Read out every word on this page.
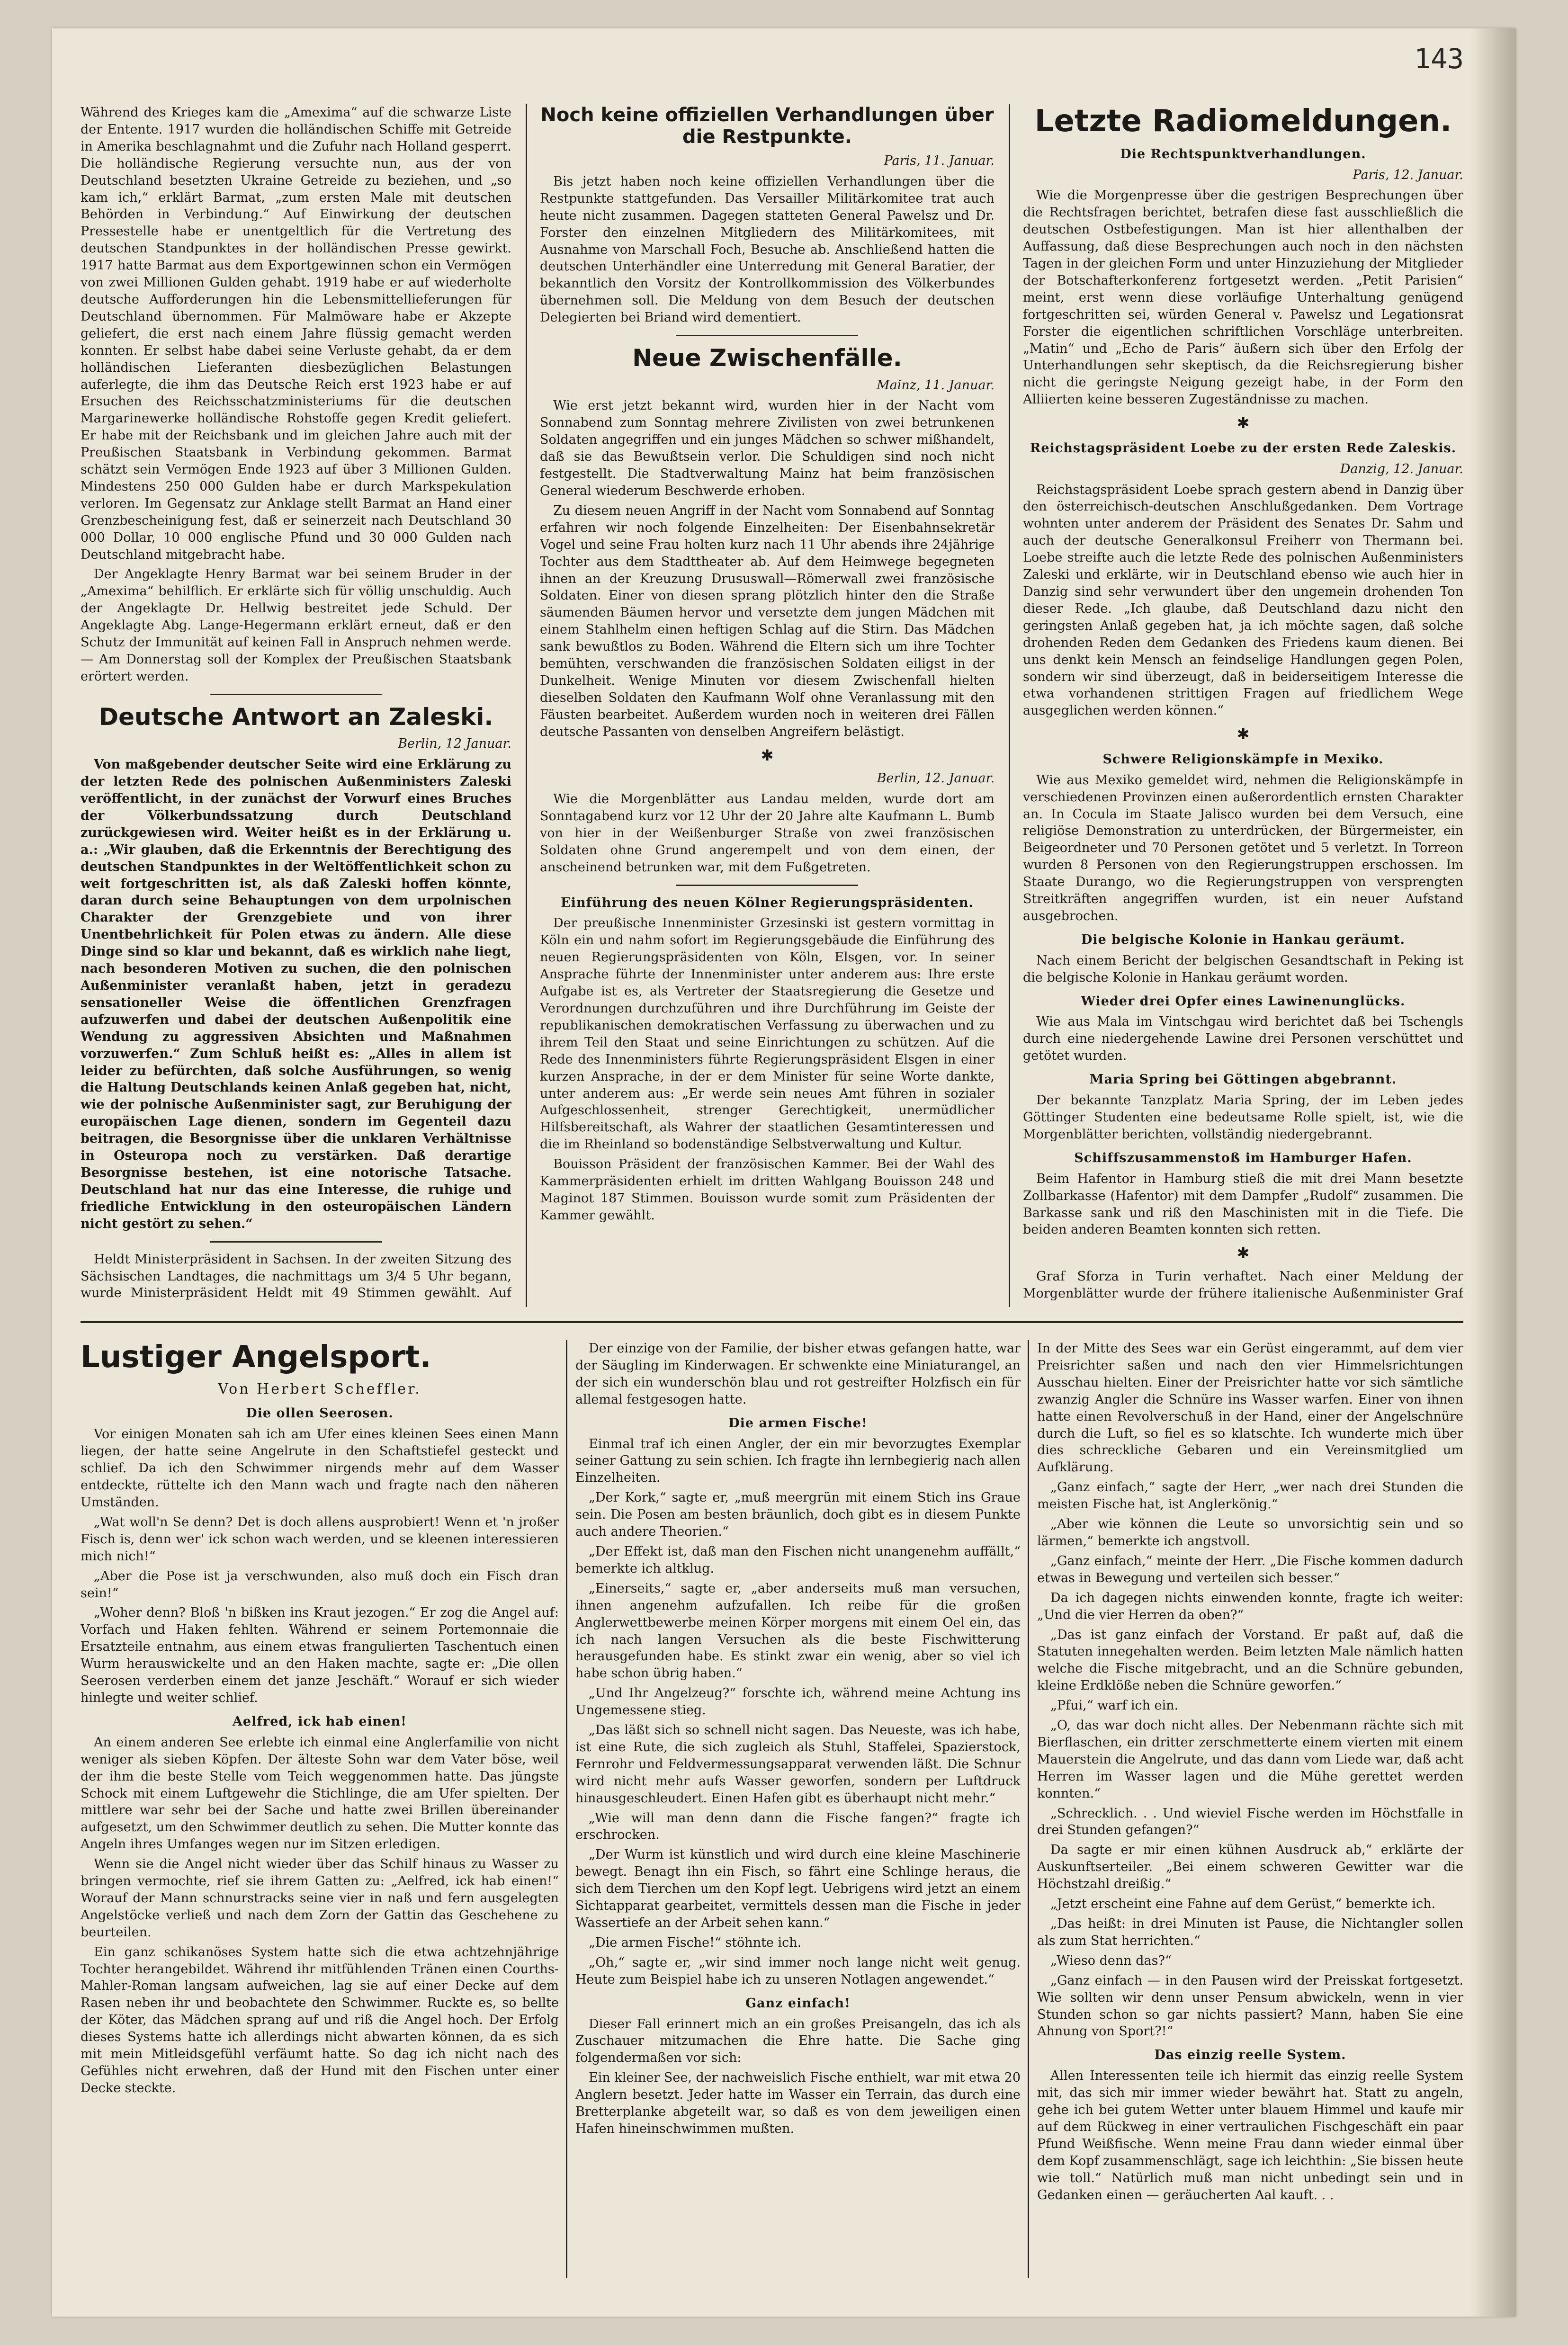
143

Während des Krieges kam die „Amexima“ auf die schwarze Liste der Entente. 1917 wurden die holländischen Schiffe mit Getreide in Amerika beschlagnahmt und die Zufuhr nach Holland gesperrt. Die holländische Regierung versuchte nun, aus der von Deutschland besetzten Ukraine Getreide zu beziehen, und „so kam ich,“ erklärt Barmat, „zum ersten Male mit deutschen Behörden in Verbindung.“ Auf Einwirkung der deutschen Pressestelle habe er unentgeltlich für die Vertretung des deutschen Standpunktes in der holländischen Presse gewirkt. 1917 hatte Barmat aus dem Exportgewinnen schon ein Vermögen von zwei Millionen Gulden gehabt. 1919 habe er auf wiederholte deutsche Aufforderungen hin die Lebensmittellieferungen für Deutschland übernommen. Für Malmöware habe er Akzepte geliefert, die erst nach einem Jahre flüssig gemacht werden konnten. Er selbst habe dabei seine Verluste gehabt, da er dem holländischen Lieferanten diesbezüglichen Belastungen auferlegte, die ihm das Deutsche Reich erst 1923 habe er auf Ersuchen des Reichsschatzministeriums für die deutschen Margarinewerke holländische Rohstoffe gegen Kredit geliefert. Er habe mit der Reichsbank und im gleichen Jahre auch mit der Preußischen Staatsbank in Verbindung gekommen. Barmat schätzt sein Vermögen Ende 1923 auf über 3 Millionen Gulden. Mindestens 250 000 Gulden habe er durch Markspekulation verloren. Im Gegensatz zur Anklage stellt Barmat an Hand einer Grenzbescheinigung fest, daß er seinerzeit nach Deutschland 30 000 Dollar, 10 000 englische Pfund und 30 000 Gulden nach Deutschland mitgebracht habe.

Der Angeklagte Henry Barmat war bei seinem Bruder in der „Amexima“ behilflich. Er erklärte sich für völlig unschuldig. Auch der Angeklagte Dr. Hellwig bestreitet jede Schuld. Der Angeklagte Abg. Lange-Hegermann erklärt erneut, daß er den Schutz der Immunität auf keinen Fall in Anspruch nehmen werde. — Am Donnerstag soll der Komplex der Preußischen Staatsbank erörtert werden.

Deutsche Antwort an Zaleski.
Berlin, 12 Januar.

Von maßgebender deutscher Seite wird eine Erklärung zu der letzten Rede des polnischen Außenministers Zaleski veröffentlicht, in der zunächst der Vorwurf eines Bruches der Völkerbundssatzung durch Deutschland zurückgewiesen wird. Weiter heißt es in der Erklärung u. a.: „Wir glauben, daß die Erkenntnis der Berechtigung des deutschen Standpunktes in der Weltöffentlichkeit schon zu weit fortgeschritten ist, als daß Zaleski hoffen könnte, daran durch seine Behauptungen von dem urpolnischen Charakter der Grenzgebiete und von ihrer Unentbehrlichkeit für Polen etwas zu ändern. Alle diese Dinge sind so klar und bekannt, daß es wirklich nahe liegt, nach besonderen Motiven zu suchen, die den polnischen Außenminister veranlaßt haben, jetzt in geradezu sensationeller Weise die öffentlichen Grenzfragen aufzuwerfen und dabei der deutschen Außenpolitik eine Wendung zu aggressiven Absichten und Maßnahmen vorzuwerfen.“ Zum Schluß heißt es: „Alles in allem ist leider zu befürchten, daß solche Ausführungen, so wenig die Haltung Deutschlands keinen Anlaß gegeben hat, nicht, wie der polnische Außenminister sagt, zur Beruhigung der europäischen Lage dienen, sondern im Gegenteil dazu beitragen, die Besorgnisse über die unklaren Verhältnisse in Osteuropa noch zu verstärken. Daß derartige Besorgnisse bestehen, ist eine notorische Tatsache. Deutschland hat nur das eine Interesse, die ruhige und friedliche Entwicklung in den osteuropäischen Ländern nicht gestört zu sehen.“

Heldt Ministerpräsident in Sachsen. In der zweiten Sitzung des Sächsischen Landtages, die nachmittags um 3/4 5 Uhr begann, wurde Ministerpräsident Heldt mit 49 Stimmen gewählt. Auf

Noch keine offiziellen Verhandlungen über die Restpunkte.
Paris, 11. Januar.

Bis jetzt haben noch keine offiziellen Verhandlungen über die Restpunkte stattgefunden. Das Versailler Militärkomitee trat auch heute nicht zusammen. Dagegen statteten General Pawelsz und Dr. Forster den einzelnen Mitgliedern des Militärkomitees, mit Ausnahme von Marschall Foch, Besuche ab. Anschließend hatten die deutschen Unterhändler eine Unterredung mit General Baratier, der bekanntlich den Vorsitz der Kontrollkommission des Völkerbundes übernehmen soll. Die Meldung von dem Besuch der deutschen Delegierten bei Briand wird dementiert.

Neue Zwischenfälle.
Mainz, 11. Januar.

Wie erst jetzt bekannt wird, wurden hier in der Nacht vom Sonnabend zum Sonntag mehrere Zivilisten von zwei betrunkenen Soldaten angegriffen und ein junges Mädchen so schwer mißhandelt, daß sie das Bewußtsein verlor. Die Schuldigen sind noch nicht festgestellt. Die Stadtverwaltung Mainz hat beim französischen General wiederum Beschwerde erhoben.

Zu diesem neuen Angriff in der Nacht vom Sonnabend auf Sonntag erfahren wir noch folgende Einzelheiten: Der Eisenbahnsekretär Vogel und seine Frau holten kurz nach 11 Uhr abends ihre 24jährige Tochter aus dem Stadttheater ab. Auf dem Heimwege begegneten ihnen an der Kreuzung Drususwall—Römerwall zwei französische Soldaten. Einer von diesen sprang plötzlich hinter den die Straße säumenden Bäumen hervor und versetzte dem jungen Mädchen mit einem Stahlhelm einen heftigen Schlag auf die Stirn. Das Mädchen sank bewußtlos zu Boden. Während die Eltern sich um ihre Tochter bemühten, verschwanden die französischen Soldaten eiligst in der Dunkelheit. Wenige Minuten vor diesem Zwischenfall hielten dieselben Soldaten den Kaufmann Wolf ohne Veranlassung mit den Fäusten bearbeitet. Außerdem wurden noch in weiteren drei Fällen deutsche Passanten von denselben Angreifern belästigt.

✱
Berlin, 12. Januar.

Wie die Morgenblätter aus Landau melden, wurde dort am Sonntagabend kurz vor 12 Uhr der 20 Jahre alte Kaufmann L. Bumb von hier in der Weißenburger Straße von zwei französischen Soldaten ohne Grund angerempelt und von dem einen, der anscheinend betrunken war, mit dem Fußgetreten.

Einführung des neuen Kölner Regierungspräsidenten.

Der preußische Innenminister Grzesinski ist gestern vormittag in Köln ein und nahm sofort im Regierungsgebäude die Einführung des neuen Regierungspräsidenten von Köln, Elsgen, vor. In seiner Ansprache führte der Innenminister unter anderem aus: Ihre erste Aufgabe ist es, als Vertreter der Staatsregierung die Gesetze und Verordnungen durchzuführen und ihre Durchführung im Geiste der republikanischen demokratischen Verfassung zu überwachen und zu ihrem Teil den Staat und seine Einrichtungen zu schützen. Auf die Rede des Innenministers führte Regierungspräsident Elsgen in einer kurzen Ansprache, in der er dem Minister für seine Worte dankte, unter anderem aus: „Er werde sein neues Amt führen in sozialer Aufgeschlossenheit, strenger Gerechtigkeit, unermüdlicher Hilfsbereitschaft, als Wahrer der staatlichen Gesamtinteressen und die im Rheinland so bodenständige Selbstverwaltung und Kultur.

Bouisson Präsident der französischen Kammer. Bei der Wahl des Kammerpräsidenten erhielt im dritten Wahlgang Bouisson 248 und Maginot 187 Stimmen. Bouisson wurde somit zum Präsidenten der Kammer gewählt.

Letzte Radiomeldungen.
Die Rechtspunktverhandlungen.
Paris, 12. Januar.

Wie die Morgenpresse über die gestrigen Besprechungen über die Rechtsfragen berichtet, betrafen diese fast ausschließlich die deutschen Ostbefestigungen. Man ist hier allenthalben der Auffassung, daß diese Besprechungen auch noch in den nächsten Tagen in der gleichen Form und unter Hinzuziehung der Mitglieder der Botschafterkonferenz fortgesetzt werden. „Petit Parisien“ meint, erst wenn diese vorläufige Unterhaltung genügend fortgeschritten sei, würden General v. Pawelsz und Legationsrat Forster die eigentlichen schriftlichen Vorschläge unterbreiten. „Matin“ und „Echo de Paris“ äußern sich über den Erfolg der Unterhandlungen sehr skeptisch, da die Reichsregierung bisher nicht die geringste Neigung gezeigt habe, in der Form den Alliierten keine besseren Zugeständnisse zu machen.

✱
Reichstagspräsident Loebe zu der ersten Rede Zaleskis.
Danzig, 12. Januar.

Reichstagspräsident Loebe sprach gestern abend in Danzig über den österreichisch-deutschen Anschlußgedanken. Dem Vortrage wohnten unter anderem der Präsident des Senates Dr. Sahm und auch der deutsche Generalkonsul Freiherr von Thermann bei. Loebe streifte auch die letzte Rede des polnischen Außenministers Zaleski und erklärte, wir in Deutschland ebenso wie auch hier in Danzig sind sehr verwundert über den ungemein drohenden Ton dieser Rede. „Ich glaube, daß Deutschland dazu nicht den geringsten Anlaß gegeben hat, ja ich möchte sagen, daß solche drohenden Reden dem Gedanken des Friedens kaum dienen. Bei uns denkt kein Mensch an feindselige Handlungen gegen Polen, sondern wir sind überzeugt, daß in beiderseitigem Interesse die etwa vorhandenen strittigen Fragen auf friedlichem Wege ausgeglichen werden können.“

✱
Schwere Religionskämpfe in Mexiko.

Wie aus Mexiko gemeldet wird, nehmen die Religionskämpfe in verschiedenen Provinzen einen außerordentlich ernsten Charakter an. In Cocula im Staate Jalisco wurden bei dem Versuch, eine religiöse Demonstration zu unterdrücken, der Bürgermeister, ein Beigeordneter und 70 Personen getötet und 5 verletzt. In Torreon wurden 8 Personen von den Regierungstruppen erschossen. Im Staate Durango, wo die Regierungstruppen von versprengten Streitkräften angegriffen wurden, ist ein neuer Aufstand ausgebrochen.

Die belgische Kolonie in Hankau geräumt.

Nach einem Bericht der belgischen Gesandtschaft in Peking ist die belgische Kolonie in Hankau geräumt worden.

Wieder drei Opfer eines Lawinenunglücks.

Wie aus Mala im Vintschgau wird berichtet daß bei Tschengls durch eine niedergehende Lawine drei Personen verschüttet und getötet wurden.

Maria Spring bei Göttingen abgebrannt.

Der bekannte Tanzplatz Maria Spring, der im Leben jedes Göttinger Studenten eine bedeutsame Rolle spielt, ist, wie die Morgenblätter berichten, vollständig niedergebrannt.

Schiffszusammenstoß im Hamburger Hafen.

Beim Hafentor in Hamburg stieß die mit drei Mann besetzte Zollbarkasse (Hafentor) mit dem Dampfer „Rudolf“ zusammen. Die Barkasse sank und riß den Maschinisten mit in die Tiefe. Die beiden anderen Beamten konnten sich retten.

✱

Graf Sforza in Turin verhaftet. Nach einer Meldung der Morgenblätter wurde der frühere italienische Außenminister Graf

Lustiger Angelsport.
Von Herbert Scheffler.
Die ollen Seerosen.

Vor einigen Monaten sah ich am Ufer eines kleinen Sees einen Mann liegen, der hatte seine Angelrute in den Schaftstiefel gesteckt und schlief. Da ich den Schwimmer nirgends mehr auf dem Wasser entdeckte, rüttelte ich den Mann wach und fragte nach den näheren Umständen.

„Wat woll'n Se denn? Det is doch allens ausprobiert! Wenn et 'n jroßer Fisch is, denn wer' ick schon wach werden, und se kleenen interessieren mich nich!“

„Aber die Pose ist ja verschwunden, also muß doch ein Fisch dran sein!“

„Woher denn? Bloß 'n bißken ins Kraut jezogen.“ Er zog die Angel auf: Vorfach und Haken fehlten. Während er seinem Portemonnaie die Ersatzteile entnahm, aus einem etwas frangulierten Taschentuch einen Wurm herauswickelte und an den Haken machte, sagte er: „Die ollen Seerosen verderben einem det janze Jeschäft.“ Worauf er sich wieder hinlegte und weiter schlief.

Aelfred, ick hab einen!

An einem anderen See erlebte ich einmal eine Anglerfamilie von nicht weniger als sieben Köpfen. Der älteste Sohn war dem Vater böse, weil der ihm die beste Stelle vom Teich weggenommen hatte. Das jüngste Schock mit einem Luftgewehr die Stichlinge, die am Ufer spielten. Der mittlere war sehr bei der Sache und hatte zwei Brillen übereinander aufgesetzt, um den Schwimmer deutlich zu sehen. Die Mutter konnte das Angeln ihres Umfanges wegen nur im Sitzen erledigen.

Wenn sie die Angel nicht wieder über das Schilf hinaus zu Wasser zu bringen vermochte, rief sie ihrem Gatten zu: „Aelfred, ick hab einen!“ Worauf der Mann schnurstracks seine vier in naß und fern ausgelegten Angelstöcke verließ und nach dem Zorn der Gattin das Geschehene zu beurteilen.

Ein ganz schikanöses System hatte sich die etwa achtzehnjährige Tochter herangebildet. Während ihr mitfühlenden Tränen einen Courths-Mahler-Roman langsam aufweichen, lag sie auf einer Decke auf dem Rasen neben ihr und beobachtete den Schwimmer. Ruckte es, so bellte der Köter, das Mädchen sprang auf und riß die Angel hoch. Der Erfolg dieses Systems hatte ich allerdings nicht abwarten können, da es sich mit mein Mitleidsgefühl verfäumt hatte. So dag ich nicht nach des Gefühles nicht erwehren, daß der Hund mit den Fischen unter einer Decke steckte.

Der einzige von der Familie, der bisher etwas gefangen hatte, war der Säugling im Kinderwagen. Er schwenkte eine Miniaturangel, an der sich ein wunderschön blau und rot gestreifter Holzfisch ein für allemal festgesogen hatte.

Die armen Fische!

Einmal traf ich einen Angler, der ein mir bevorzugtes Exemplar seiner Gattung zu sein schien. Ich fragte ihn lernbegierig nach allen Einzelheiten.

„Der Kork,“ sagte er, „muß meergrün mit einem Stich ins Graue sein. Die Posen am besten bräunlich, doch gibt es in diesem Punkte auch andere Theorien.“

„Der Effekt ist, daß man den Fischen nicht unangenehm auffällt,“ bemerkte ich altklug.

„Einerseits,“ sagte er, „aber anderseits muß man versuchen, ihnen angenehm aufzufallen. Ich reibe für die großen Anglerwettbewerbe meinen Körper morgens mit einem Oel ein, das ich nach langen Versuchen als die beste Fischwitterung herausgefunden habe. Es stinkt zwar ein wenig, aber so viel ich habe schon übrig haben.“

„Und Ihr Angelzeug?“ forschte ich, während meine Achtung ins Ungemessene stieg.

„Das läßt sich so schnell nicht sagen. Das Neueste, was ich habe, ist eine Rute, die sich zugleich als Stuhl, Staffelei, Spazierstock, Fernrohr und Feldvermessungsapparat verwenden läßt. Die Schnur wird nicht mehr aufs Wasser geworfen, sondern per Luftdruck hinausgeschleudert. Einen Hafen gibt es überhaupt nicht mehr.“

„Wie will man denn dann die Fische fangen?“ fragte ich erschrocken.

„Der Wurm ist künstlich und wird durch eine kleine Maschinerie bewegt. Benagt ihn ein Fisch, so fährt eine Schlinge heraus, die sich dem Tierchen um den Kopf legt. Uebrigens wird jetzt an einem Sichtapparat gearbeitet, vermittels dessen man die Fische in jeder Wassertiefe an der Arbeit sehen kann.“

„Die armen Fische!“ stöhnte ich.

„Oh,“ sagte er, „wir sind immer noch lange nicht weit genug. Heute zum Beispiel habe ich zu unseren Notlagen angewendet.“

Ganz einfach!

Dieser Fall erinnert mich an ein großes Preisangeln, das ich als Zuschauer mitzumachen die Ehre hatte. Die Sache ging folgendermaßen vor sich:

Ein kleiner See, der nachweislich Fische enthielt, war mit etwa 20 Anglern besetzt. Jeder hatte im Wasser ein Terrain, das durch eine Bretterplanke abgeteilt war, so daß es von dem jeweiligen einen Hafen hineinschwimmen mußten.

In der Mitte des Sees war ein Gerüst eingerammt, auf dem vier Preisrichter saßen und nach den vier Himmelsrichtungen Ausschau hielten. Einer der Preisrichter hatte vor sich sämtliche zwanzig Angler die Schnüre ins Wasser warfen. Einer von ihnen hatte einen Revolverschuß in der Hand, einer der Angelschnüre durch die Luft, so fiel es so klatschte. Ich wunderte mich über dies schreckliche Gebaren und ein Vereinsmitglied um Aufklärung.

„Ganz einfach,“ sagte der Herr, „wer nach drei Stunden die meisten Fische hat, ist Anglerkönig.“

„Aber wie können die Leute so unvorsichtig sein und so lärmen,“ bemerkte ich angstvoll.

„Ganz einfach,“ meinte der Herr. „Die Fische kommen dadurch etwas in Bewegung und verteilen sich besser.“

Da ich dagegen nichts einwenden konnte, fragte ich weiter: „Und die vier Herren da oben?“

„Das ist ganz einfach der Vorstand. Er paßt auf, daß die Statuten innegehalten werden. Beim letzten Male nämlich hatten welche die Fische mitgebracht, und an die Schnüre gebunden, kleine Erdklöße neben die Schnüre geworfen.“

„Pfui,“ warf ich ein.

„O, das war doch nicht alles. Der Nebenmann rächte sich mit Bierflaschen, ein dritter zerschmetterte einem vierten mit einem Mauerstein die Angelrute, und das dann vom Liede war, daß acht Herren im Wasser lagen und die Mühe gerettet werden konnten.“

„Schrecklich. . . Und wieviel Fische werden im Höchstfalle in drei Stunden gefangen?“

Da sagte er mir einen kühnen Ausdruck ab,“ erklärte der Auskunftserteiler. „Bei einem schweren Gewitter war die Höchstzahl dreißig.“

„Jetzt erscheint eine Fahne auf dem Gerüst,“ bemerkte ich.

„Das heißt: in drei Minuten ist Pause, die Nichtangler sollen als zum Stat herrichten.“

„Wieso denn das?“

„Ganz einfach — in den Pausen wird der Preisskat fortgesetzt. Wie sollten wir denn unser Pensum abwickeln, wenn in vier Stunden schon so gar nichts passiert? Mann, haben Sie eine Ahnung von Sport?!“

Das einzig reelle System.

Allen Interessenten teile ich hiermit das einzig reelle System mit, das sich mir immer wieder bewährt hat. Statt zu angeln, gehe ich bei gutem Wetter unter blauem Himmel und kaufe mir auf dem Rückweg in einer vertraulichen Fischgeschäft ein paar Pfund Weißfische. Wenn meine Frau dann wieder einmal über dem Kopf zusammenschlägt, sage ich leichthin: „Sie bissen heute wie toll.“ Natürlich muß man nicht unbedingt sein und in Gedanken einen — geräucherten Aal kauft. . .
